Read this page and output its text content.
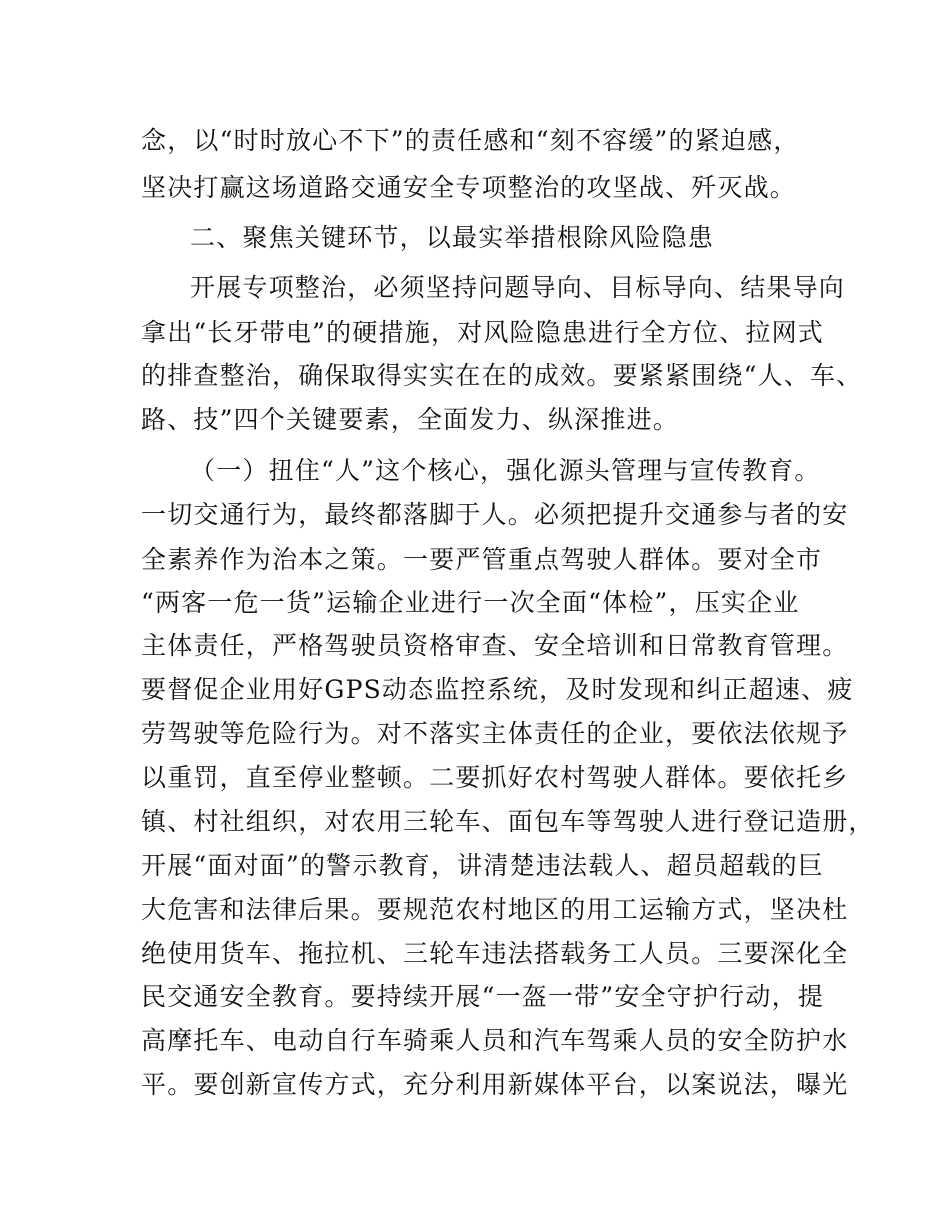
念，以“时时放心不下”的责任感和“刻不容缓”的紧迫感，
坚决打赢这场道路交通安全专项整治的攻坚战、歼灭战。
二、聚焦关键环节，以最实举措根除风险隐患
开展专项整治，必须坚持问题导向、目标导向、结果导向
拿出“长牙带电”的硬措施，对风险隐患进行全方位、拉网式
的排查整治，确保取得实实在在的成效。要紧紧围绕“人、车、
路、技”四个关键要素，全面发力、纵深推进。
（一）扭住“人”这个核心，强化源头管理与宣传教育。
一切交通行为，最终都落脚于人。必须把提升交通参与者的安
全素养作为治本之策。一要严管重点驾驶人群体。要对全市
“两客一危一货”运输企业进行一次全面“体检”，压实企业
主体责任，严格驾驶员资格审查、安全培训和日常教育管理。
要督促企业用好GPS动态监控系统，及时发现和纠正超速、疲
劳驾驶等危险行为。对不落实主体责任的企业，要依法依规予
以重罚，直至停业整顿。二要抓好农村驾驶人群体。要依托乡
镇、村社组织，对农用三轮车、面包车等驾驶人进行登记造册，
开展“面对面”的警示教育，讲清楚违法载人、超员超载的巨
大危害和法律后果。要规范农村地区的用工运输方式，坚决杜
绝使用货车、拖拉机、三轮车违法搭载务工人员。三要深化全
民交通安全教育。要持续开展“一盔一带”安全守护行动，提
高摩托车、电动自行车骑乘人员和汽车驾乘人员的安全防护水
平。要创新宣传方式，充分利用新媒体平台，以案说法，曝光
